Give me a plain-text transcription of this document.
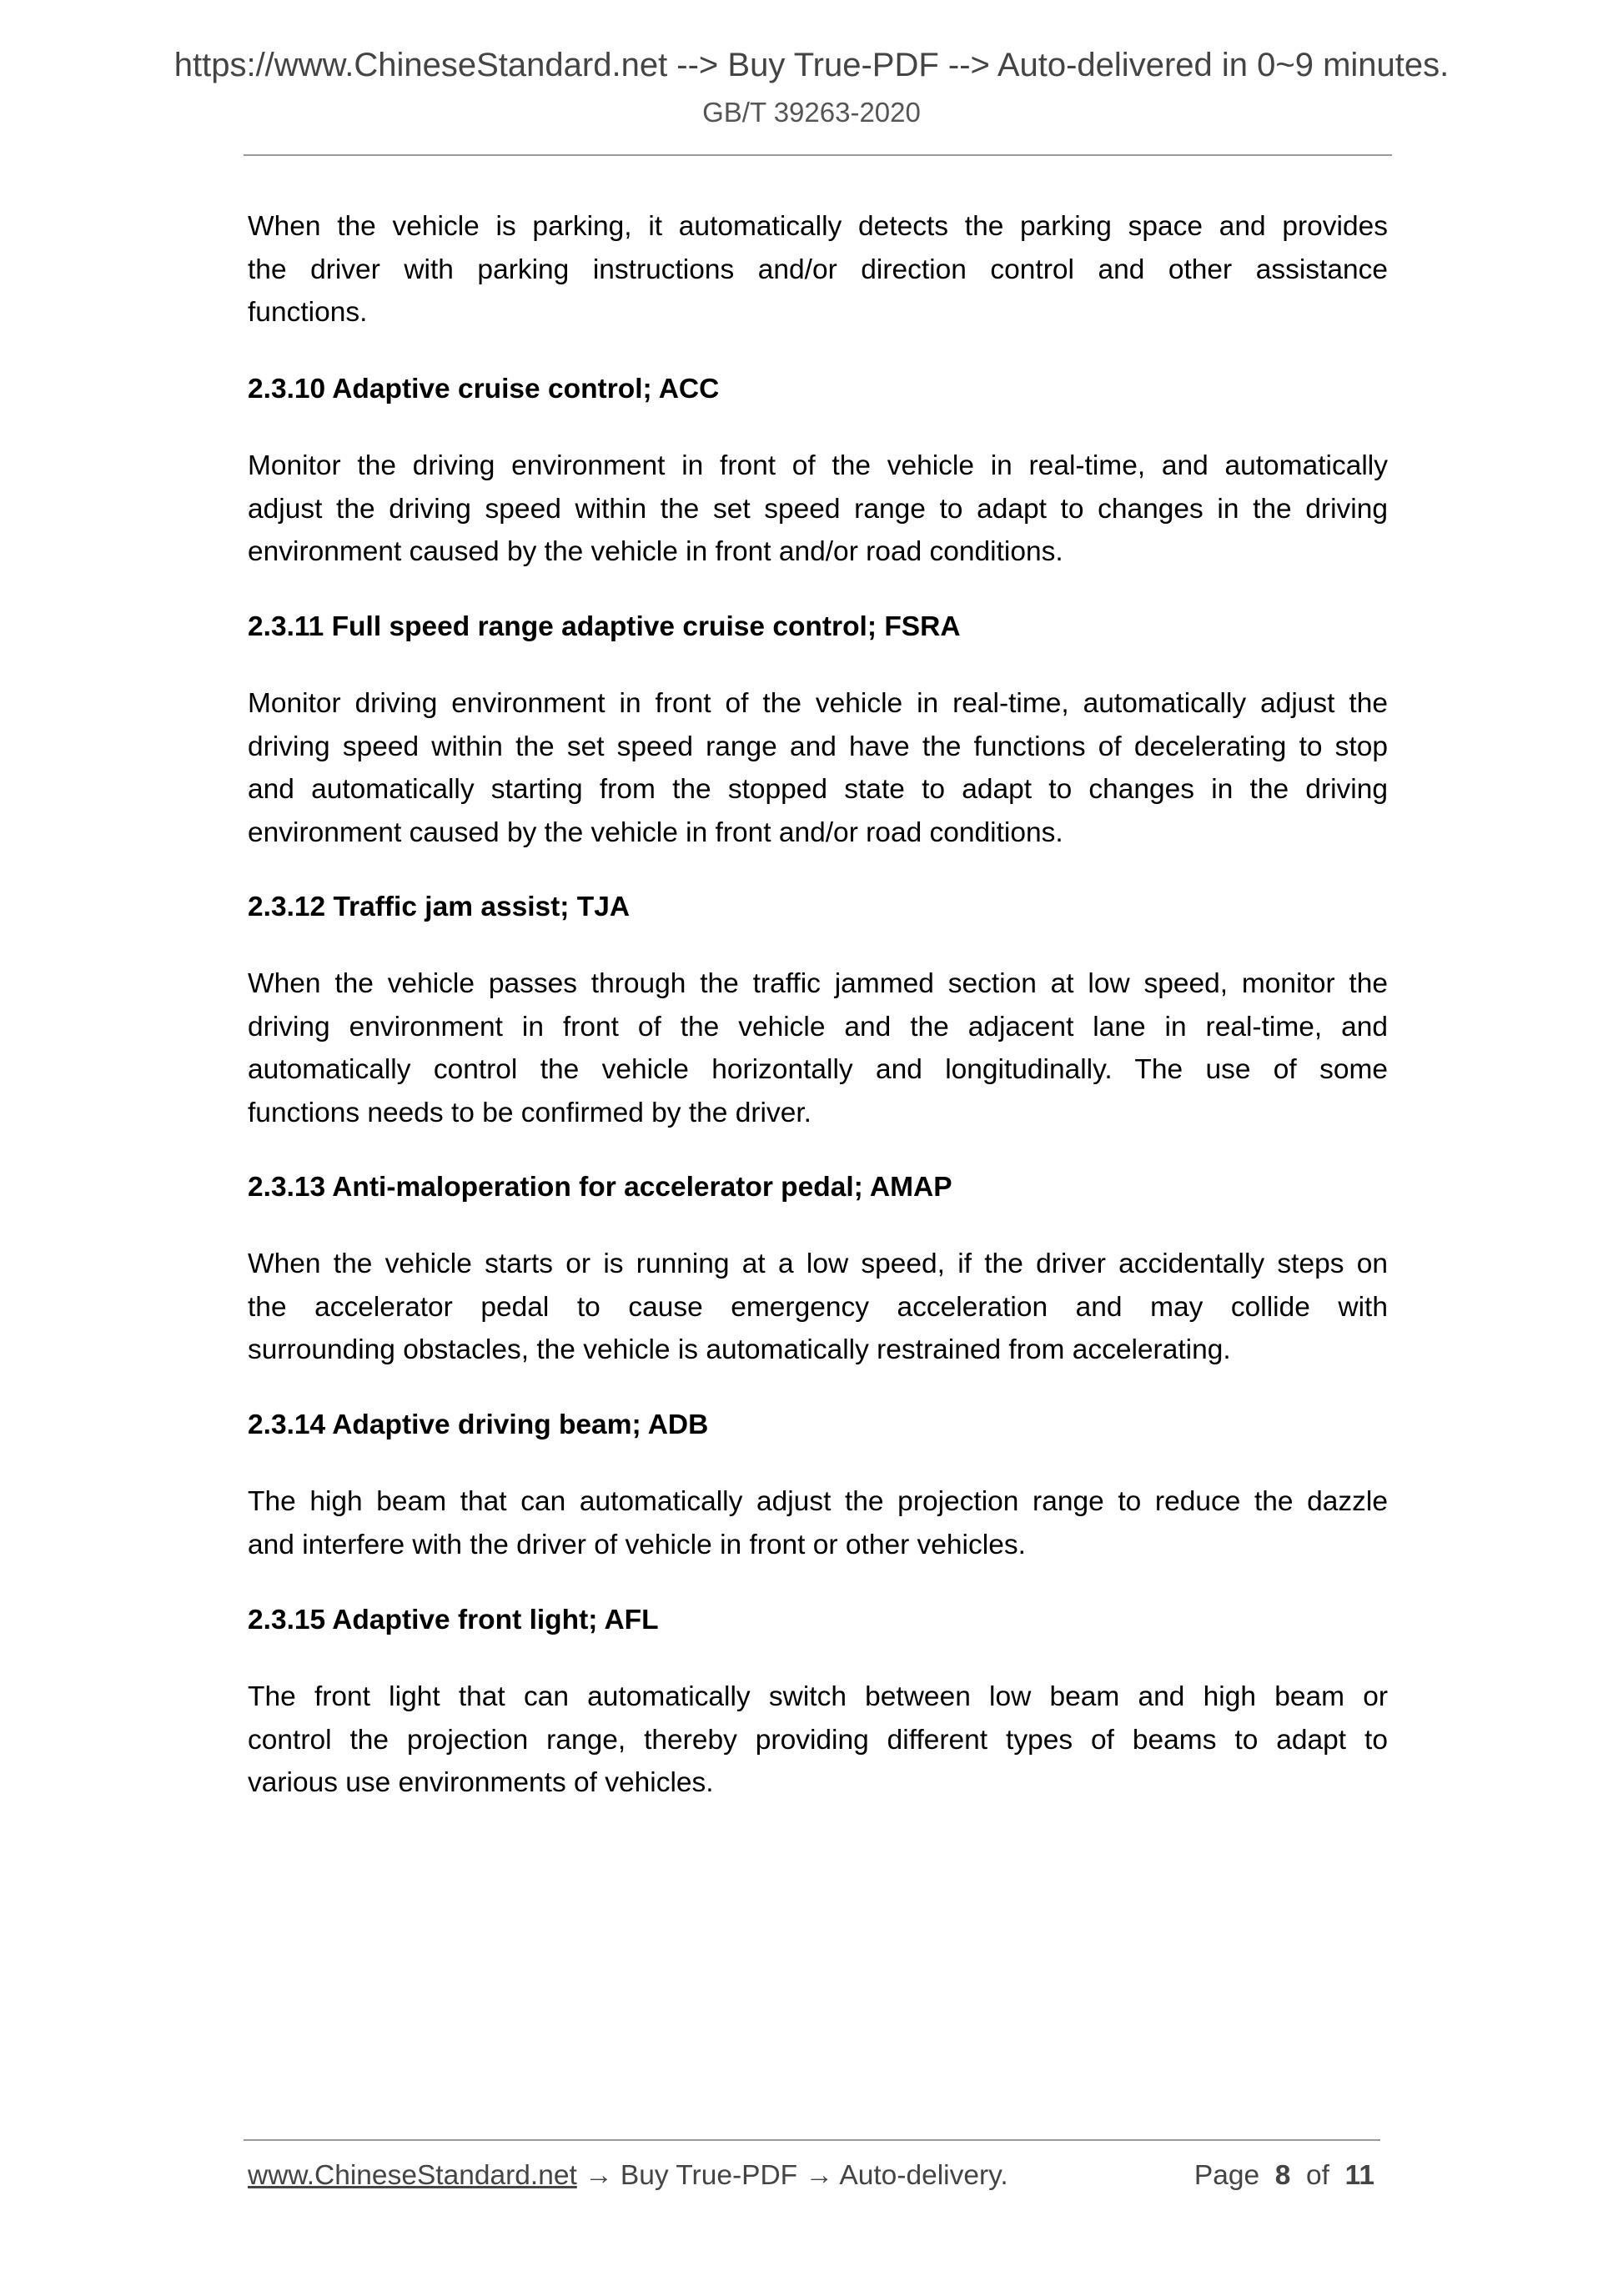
https://www.ChineseStandard.net --> Buy True-PDF --> Auto-delivered in 0~9 minutes.
GB/T 39263-2020
When the vehicle is parking, it automatically detects the parking space and provides
the driver with parking instructions and/or direction control and other assistance
functions.
2.3.10 Adaptive cruise control; ACC
Monitor the driving environment in front of the vehicle in real-time, and automatically
adjust the driving speed within the set speed range to adapt to changes in the driving
environment caused by the vehicle in front and/or road conditions.
2.3.11 Full speed range adaptive cruise control; FSRA
Monitor driving environment in front of the vehicle in real-time, automatically adjust the
driving speed within the set speed range and have the functions of decelerating to stop
and automatically starting from the stopped state to adapt to changes in the driving
environment caused by the vehicle in front and/or road conditions.
2.3.12 Traffic jam assist; TJA
When the vehicle passes through the traffic jammed section at low speed, monitor the
driving environment in front of the vehicle and the adjacent lane in real-time, and
automatically control the vehicle horizontally and longitudinally. The use of some
functions needs to be confirmed by the driver.
2.3.13 Anti-maloperation for accelerator pedal; AMAP
When the vehicle starts or is running at a low speed, if the driver accidentally steps on
the accelerator pedal to cause emergency acceleration and may collide with
surrounding obstacles, the vehicle is automatically restrained from accelerating.
2.3.14 Adaptive driving beam; ADB
The high beam that can automatically adjust the projection range to reduce the dazzle
and interfere with the driver of vehicle in front or other vehicles.
2.3.15 Adaptive front light; AFL
The front light that can automatically switch between low beam and high beam or
control the projection range, thereby providing different types of beams to adapt to
various use environments of vehicles.
www.ChineseStandard.net → Buy True-PDF → Auto-delivery.	Page 8 of 11
